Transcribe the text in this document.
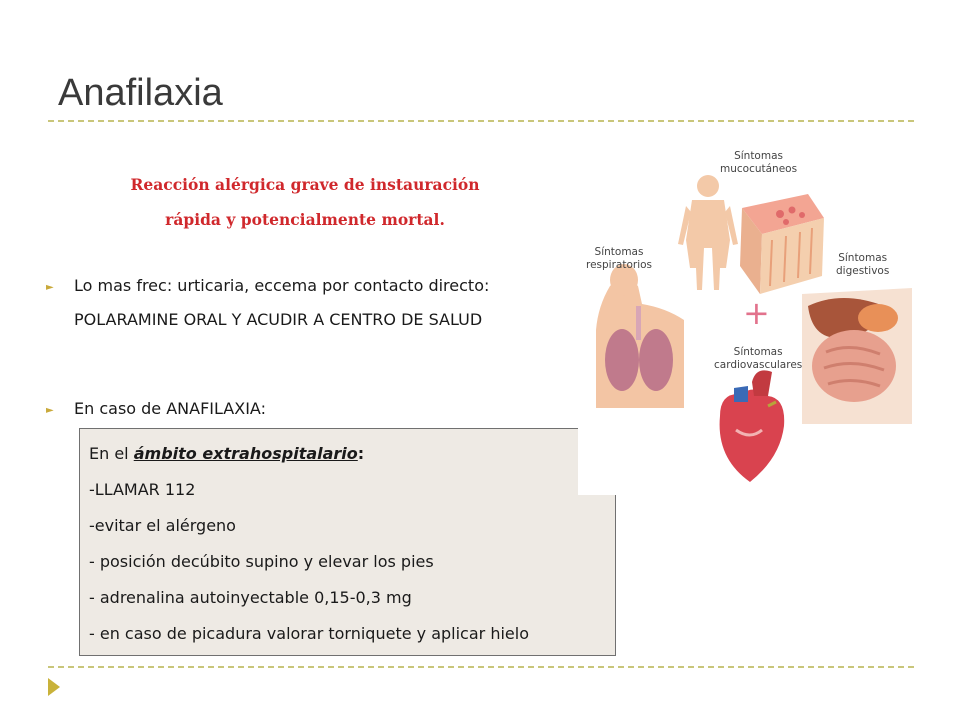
Anafilaxia
Reacción alérgica grave de instauración
rápida y potencialmente mortal.
► Lo mas frec: urticaria, eccema por contacto directo:
POLARAMINE ORAL Y ACUDIR A CENTRO DE SALUD
► En caso de ANAFILAXIA:
En el ámbito extrahospitalario:
-LLAMAR 112
-evitar el alérgeno
- posición decúbito supino y elevar los pies
- adrenalina autoinyectable 0,15-0,3 mg
- en caso de picadura valorar torniquete y aplicar hielo
+
Síntomas
mucocutáneos
Síntomas
respiratorios
Síntomas
digestivos
Síntomas
cardiovasculares
